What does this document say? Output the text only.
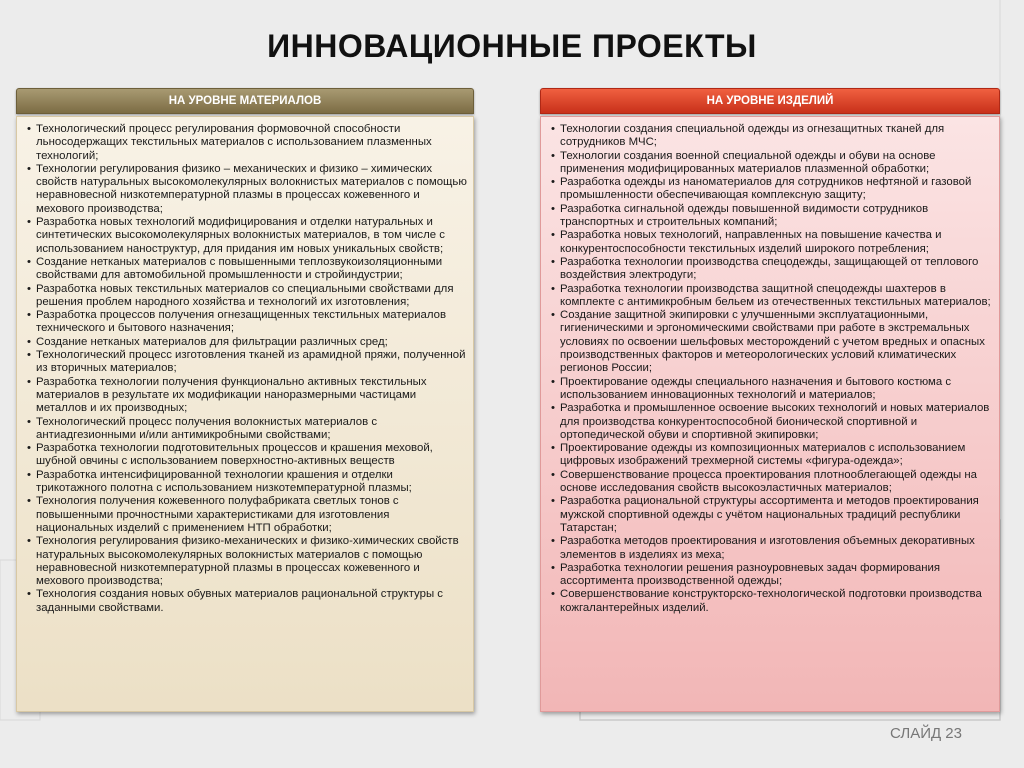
ИННОВАЦИОННЫЕ ПРОЕКТЫ
НА УРОВНЕ МАТЕРИАЛОВ
• Технологический процесс регулирования формовочной способности льносодержащих текстильных материалов с использованием плазменных технологий;
• Технологии регулирования физико – механических и физико – химических свойств натуральных высокомолекулярных волокнистых материалов с помощью неравновесной низкотемпературной плазмы в процессах кожевенного и мехового производства;
• Разработка новых технологий модифицирования и отделки натуральных и синтетических высокомолекулярных волокнистых материалов, в том числе с использованием наноструктур, для придания им новых уникальных свойств;
• Создание нетканых материалов с повышенными теплозвукоизоляционными свойствами для автомобильной промышленности и стройиндустрии;
• Разработка новых текстильных материалов со специальными свойствами для решения проблем народного хозяйства и технологий их изготовления;
• Разработка процессов получения огнезащищенных текстильных материалов технического и бытового назначения;
• Создание нетканых материалов для фильтрации различных сред;
• Технологический процесс изготовления тканей из арамидной пряжи, полученной из вторичных материалов;
• Разработка технологии получения функционально активных текстильных материалов в результате их модификации наноразмерными частицами металлов и их производных;
• Технологический процесс получения волокнистых материалов с антиадгезионными и/или антимикробными свойствами;
• Разработка технологии подготовительных процессов и крашения меховой, шубной овчины с использованием поверхностно-активных веществ
• Разработка интенсифицированной технологии крашения и отделки трикотажного полотна с использованием низкотемпературной плазмы;
• Технология получения кожевенного полуфабриката светлых тонов с повышенными прочностными характеристиками для изготовления национальных изделий с применением НТП обработки;
• Технология регулирования физико-механических и физико-химических свойств натуральных высокомолекулярных волокнистых материалов с помощью неравновесной низкотемпературной плазмы в процессах кожевенного и мехового производства;
• Технология создания новых обувных материалов рациональной структуры с заданными свойствами.
НА УРОВНЕ ИЗДЕЛИЙ
• Технологии создания специальной одежды из огнезащитных тканей для сотрудников МЧС;
• Технологии создания военной специальной одежды и обуви на основе применения модифицированных материалов плазменной обработки;
• Разработка одежды из наноматериалов для сотрудников нефтяной и газовой промышленности обеспечивающая комплексную защиту;
• Разработка сигнальной одежды повышенной видимости сотрудников транспортных и строительных компаний;
• Разработка новых технологий, направленных на повышение качества и конкурентоспособности текстильных изделий широкого потребления;
• Разработка технологии производства спецодежды, защищающей от теплового воздействия электродуги;
• Разработка технологии производства защитной спецодежды шахтеров в комплекте с антимикробным бельем из отечественных текстильных материалов;
• Создание защитной экипировки с улучшенными эксплуатационными, гигиеническими и эргономическими свойствами при работе в экстремальных условиях по освоении шельфовых месторождений с учетом вредных и опасных производственных факторов и метеорологических условий климатических регионов России;
• Проектирование одежды специального назначения и бытового костюма с использованием инновационных технологий и материалов;
• Разработка и промышленное освоение высоких технологий и новых материалов для производства конкурентоспособной бионической спортивной и ортопедической обуви и спортивной экипировки;
• Проектирование одежды из композиционных материалов с использованием цифровых изображений трехмерной системы «фигура-одежда»;
• Совершенствование процесса проектирования плотнооблегающей одежды на основе исследования свойств высокоэластичных материалов;
• Разработка рациональной структуры ассортимента и методов проектирования мужской спортивной одежды с учётом национальных традиций республики Татарстан;
• Разработка методов проектирования и изготовления объемных декоративных элементов в изделиях из меха;
• Разработка технологии решения разноуровневых задач формирования ассортимента производственной одежды;
• Совершенствование конструкторско-технологической подготовки производства кожгалантерейных изделий.
СЛАЙД 23
